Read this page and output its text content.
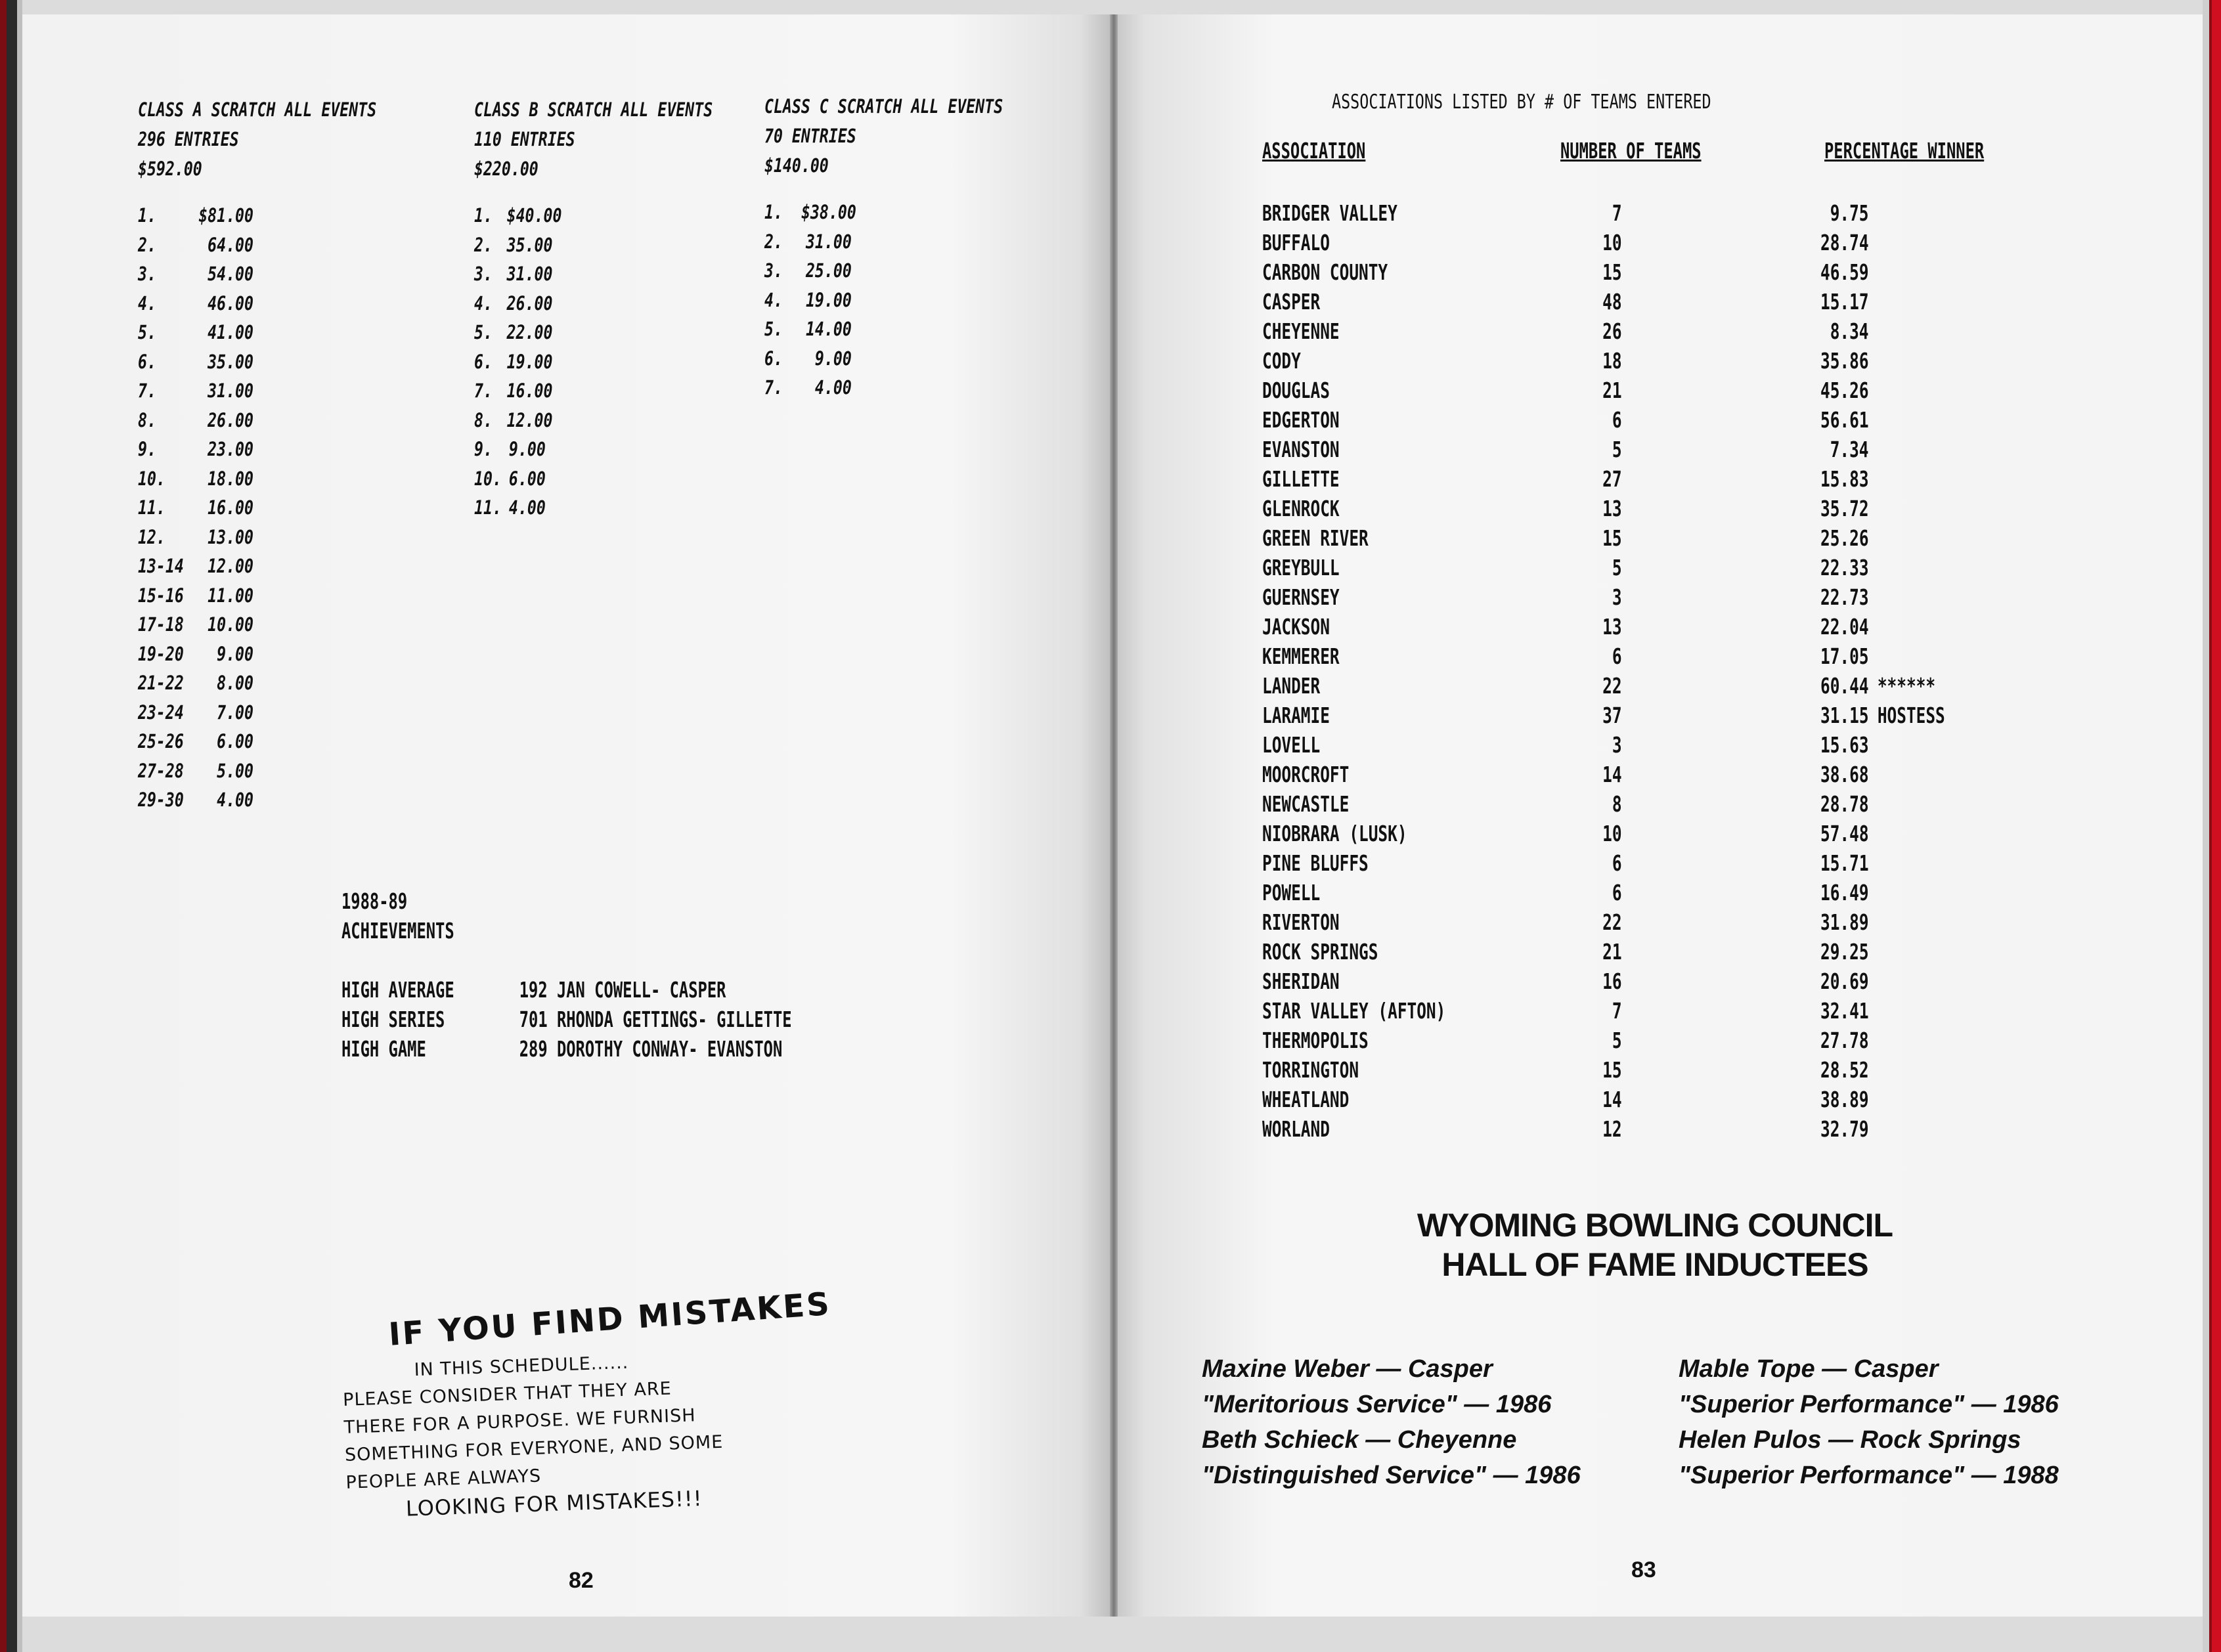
CLASS A SCRATCH ALL EVENTS
296 ENTRIES
$592.00
1.	$81.00
2.	64.00
3.	54.00
4.	46.00
5.	41.00
6.	35.00
7.	31.00
8.	26.00
9.	23.00
10.	18.00
11.	16.00
12.	13.00
13-14	12.00
15-16	11.00
17-18	10.00
19-20	9.00
21-22	8.00
23-24	7.00
25-26	6.00
27-28	5.00
29-30	4.00
CLASS B SCRATCH ALL EVENTS
110 ENTRIES
$220.00
1. $40.00
2. 35.00
3. 31.00
4. 26.00
5. 22.00
6. 19.00
7. 16.00
8. 12.00
9. 9.00
10. 6.00
11. 4.00
CLASS C SCRATCH ALL EVENTS
70 ENTRIES
$140.00
1. $38.00
2.	31.00
3.	25.00
4.	19.00
5.	14.00
6.	9.00
7.	4.00
1988-89
ACHIEVEMENTS
HIGH AVERAGE	192 JAN COWELL- CASPER
HIGH SERIES	701 RHONDA GETTINGS- GILLETTE
HIGH GAME	289 DOROTHY CONWAY- EVANSTON
IF YOU FIND MISTAKES
IN THIS SCHEDULE......
PLEASE CONSIDER THAT THEY ARE
THERE FOR A PURPOSE. WE FURNISH
SOMETHING FOR EVERYONE, AND SOME
PEOPLE ARE ALWAYS
LOOKING FOR MISTAKES!!!
82
ASSOCIATIONS LISTED BY # OF TEAMS ENTERED
ASSOCIATION	NUMBER OF TEAMS	PERCENTAGE WINNER
BRIDGER VALLEY	7	9.75
BUFFALO	10	28.74
CARBON COUNTY	15	46.59
CASPER	48	15.17
CHEYENNE	26	8.34
CODY	18	35.86
DOUGLAS	21	45.26
EDGERTON	6	56.61
EVANSTON	5	7.34
GILLETTE	27	15.83
GLENROCK	13	35.72
GREEN RIVER	15	25.26
GREYBULL	5	22.33
GUERNSEY	3	22.73
JACKSON	13	22.04
KEMMERER	6	17.05
LANDER	22	60.44 ******
LARAMIE	37	31.15 HOSTESS
LOVELL	3	15.63
MOORCROFT	14	38.68
NEWCASTLE	8	28.78
NIOBRARA (LUSK)	10	57.48
PINE BLUFFS	6	15.71
POWELL	6	16.49
RIVERTON	22	31.89
ROCK SPRINGS	21	29.25
SHERIDAN	16	20.69
STAR VALLEY (AFTON)	7	32.41
THERMOPOLIS	5	27.78
TORRINGTON	15	28.52
WHEATLAND	14	38.89
WORLAND	12	32.79
WYOMING BOWLING COUNCIL
HALL OF FAME INDUCTEES
Maxine Weber — Casper
"Meritorious Service" — 1986
Beth Schieck — Cheyenne
"Distinguished Service" — 1986
Mable Tope — Casper
"Superior Performance" — 1986
Helen Pulos — Rock Springs
"Superior Performance" — 1988
83
